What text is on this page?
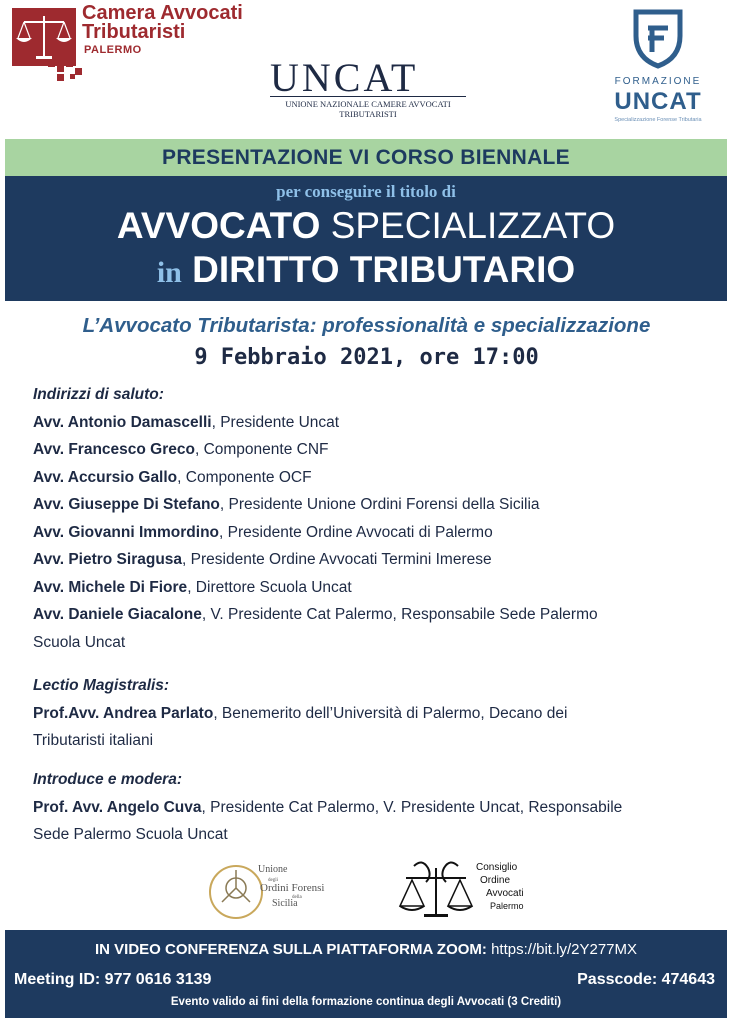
Camera Avvocati Tributaristi
PALERMO
UNCAT
UNIONE NAZIONALE CAMERE AVVOCATI TRIBUTARISTI
FORMAZIONE
UNCAT
Specializzazione Forense Tributaria
PRESENTAZIONE VI CORSO BIENNALE
per conseguire il titolo di
AVVOCATO SPECIALIZZATO
in DIRITTO TRIBUTARIO
L’Avvocato Tributarista: professionalità e specializzazione
9 Febbraio 2021, ore 17:00
Indirizzi di saluto:
Avv. Antonio Damascelli, Presidente Uncat
Avv. Francesco Greco, Componente CNF
Avv. Accursio Gallo, Componente OCF
Avv. Giuseppe Di Stefano, Presidente Unione Ordini Forensi della Sicilia
Avv. Giovanni Immordino, Presidente Ordine Avvocati di Palermo
Avv. Pietro Siragusa, Presidente Ordine Avvocati Termini Imerese
Avv. Michele Di Fiore, Direttore Scuola Uncat
Avv. Daniele Giacalone, V. Presidente Cat Palermo, Responsabile Sede Palermo
Scuola Uncat
Lectio Magistralis:
Prof.Avv. Andrea Parlato, Benemerito dell’Università di Palermo, Decano dei
Tributaristi italiani
Introduce e modera:
Prof. Avv. Angelo Cuva, Presidente Cat Palermo, V. Presidente Uncat, Responsabile
Sede Palermo Scuola Uncat
Unione
degli
Ordini Forensi
della
Sicilia
Consiglio
Ordine
Avvocati
Palermo
IN VIDEO CONFERENZA SULLA PIATTAFORMA ZOOM: https://bit.ly/2Y277MX
Meeting ID: 977 0616 3139	Passcode: 474643
Evento valido ai fini della formazione continua degli Avvocati (3 Crediti)
